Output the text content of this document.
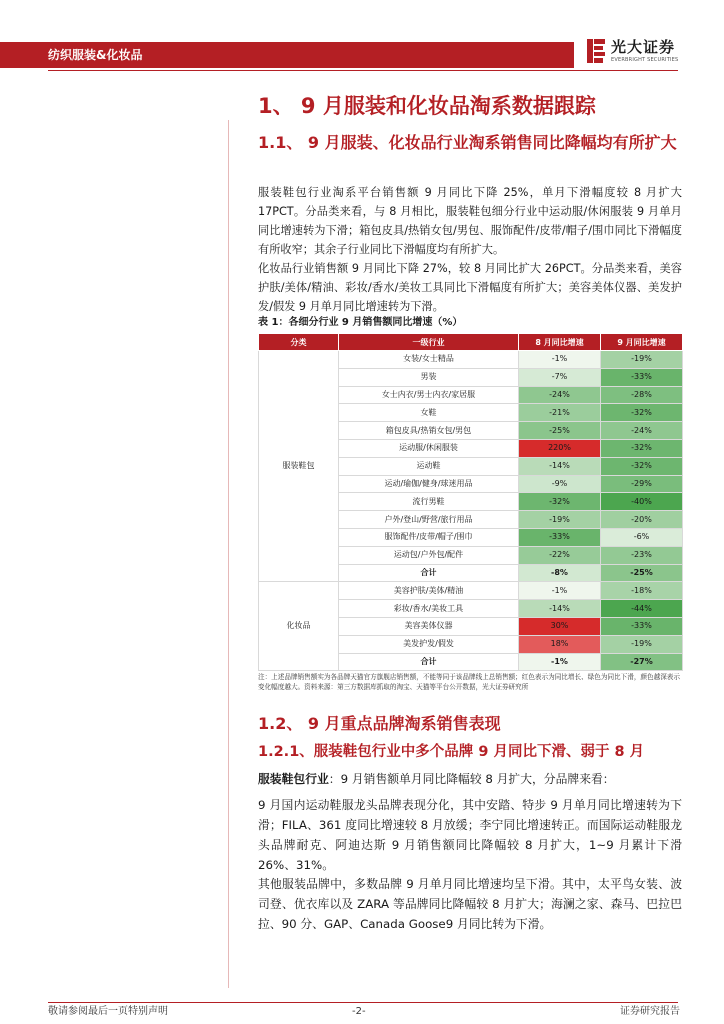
纺织服装&化妆品	光大证券
EVERBRIGHT SECURITIES
1、 9 月服装和化妆品淘系数据跟踪
1.1、 9 月服装、化妆品行业淘系销售同比降幅均有所扩大
服装鞋包行业淘系平台销售额 9 月同比下降 25%，单月下滑幅度较 8 月扩大 17PCT。分品类来看，与 8 月相比，服装鞋包细分行业中运动服/休闲服装 9 月单月同比增速转为下滑；箱包皮具/热销女包/男包、服饰配件/皮带/帽子/围巾同比下滑幅度有所收窄；其余子行业同比下滑幅度均有所扩大。
化妆品行业销售额 9 月同比下降 27%，较 8 月同比扩大 26PCT。分品类来看，美容护肤/美体/精油、彩妆/香水/美妆工具同比下滑幅度有所扩大；美容美体仪器、美发护发/假发 9 月单月同比增速转为下滑。
表 1：各细分行业 9 月销售额同比增速（%）
分类	一级行业	8 月同比增速	9 月同比增速
服装鞋包	女装/女士精品	-1%	-19%
	男装	-7%	-33%
	女士内衣/男士内衣/家居服	-24%	-28%
	女鞋	-21%	-32%
	箱包皮具/热销女包/男包	-25%	-24%
	运动服/休闲服装	220%	-32%
	运动鞋	-14%	-32%
	运动/瑜伽/健身/球迷用品	-9%	-29%
	流行男鞋	-32%	-40%
	户外/登山/野营/旅行用品	-19%	-20%
	服饰配件/皮带/帽子/围巾	-33%	-6%
	运动包/户外包/配件	-22%	-23%
	合计	-8%	-25%
化妆品	美容护肤/美体/精油	-1%	-18%
	彩妆/香水/美妆工具	-14%	-44%
	美容美体仪器	30%	-33%
	美发护发/假发	18%	-19%
	合计	-1%	-27%
注：上述品牌销售额实为各品牌天猫官方旗舰店销售额，不能等同于该品牌线上总销售额；红色表示为同比增长、绿色为同比下滑，颜色越深表示变化幅度越大。资料来源：第三方数据库抓取的淘宝、天猫等平台公开数据，光大证券研究所
1.2、 9 月重点品牌淘系销售表现
1.2.1、服装鞋包行业中多个品牌 9 月同比下滑、弱于 8 月
服装鞋包行业：9 月销售额单月同比降幅较 8 月扩大，分品牌来看：
9 月国内运动鞋服龙头品牌表现分化，其中安踏、特步 9 月单月同比增速转为下滑；FILA、361 度同比增速较 8 月放缓；李宁同比增速转正。而国际运动鞋服龙头品牌耐克、阿迪达斯 9 月销售额同比降幅较 8 月扩大，1~9 月累计下滑 26%、31%。
其他服装品牌中，多数品牌 9 月单月同比增速均呈下滑。其中，太平鸟女装、波司登、优衣库以及 ZARA 等品牌同比降幅较 8 月扩大；海澜之家、森马、巴拉巴拉、90 分、GAP、Canada Goose9 月同比转为下滑。
敬请参阅最后一页特别声明	-2-	证券研究报告
